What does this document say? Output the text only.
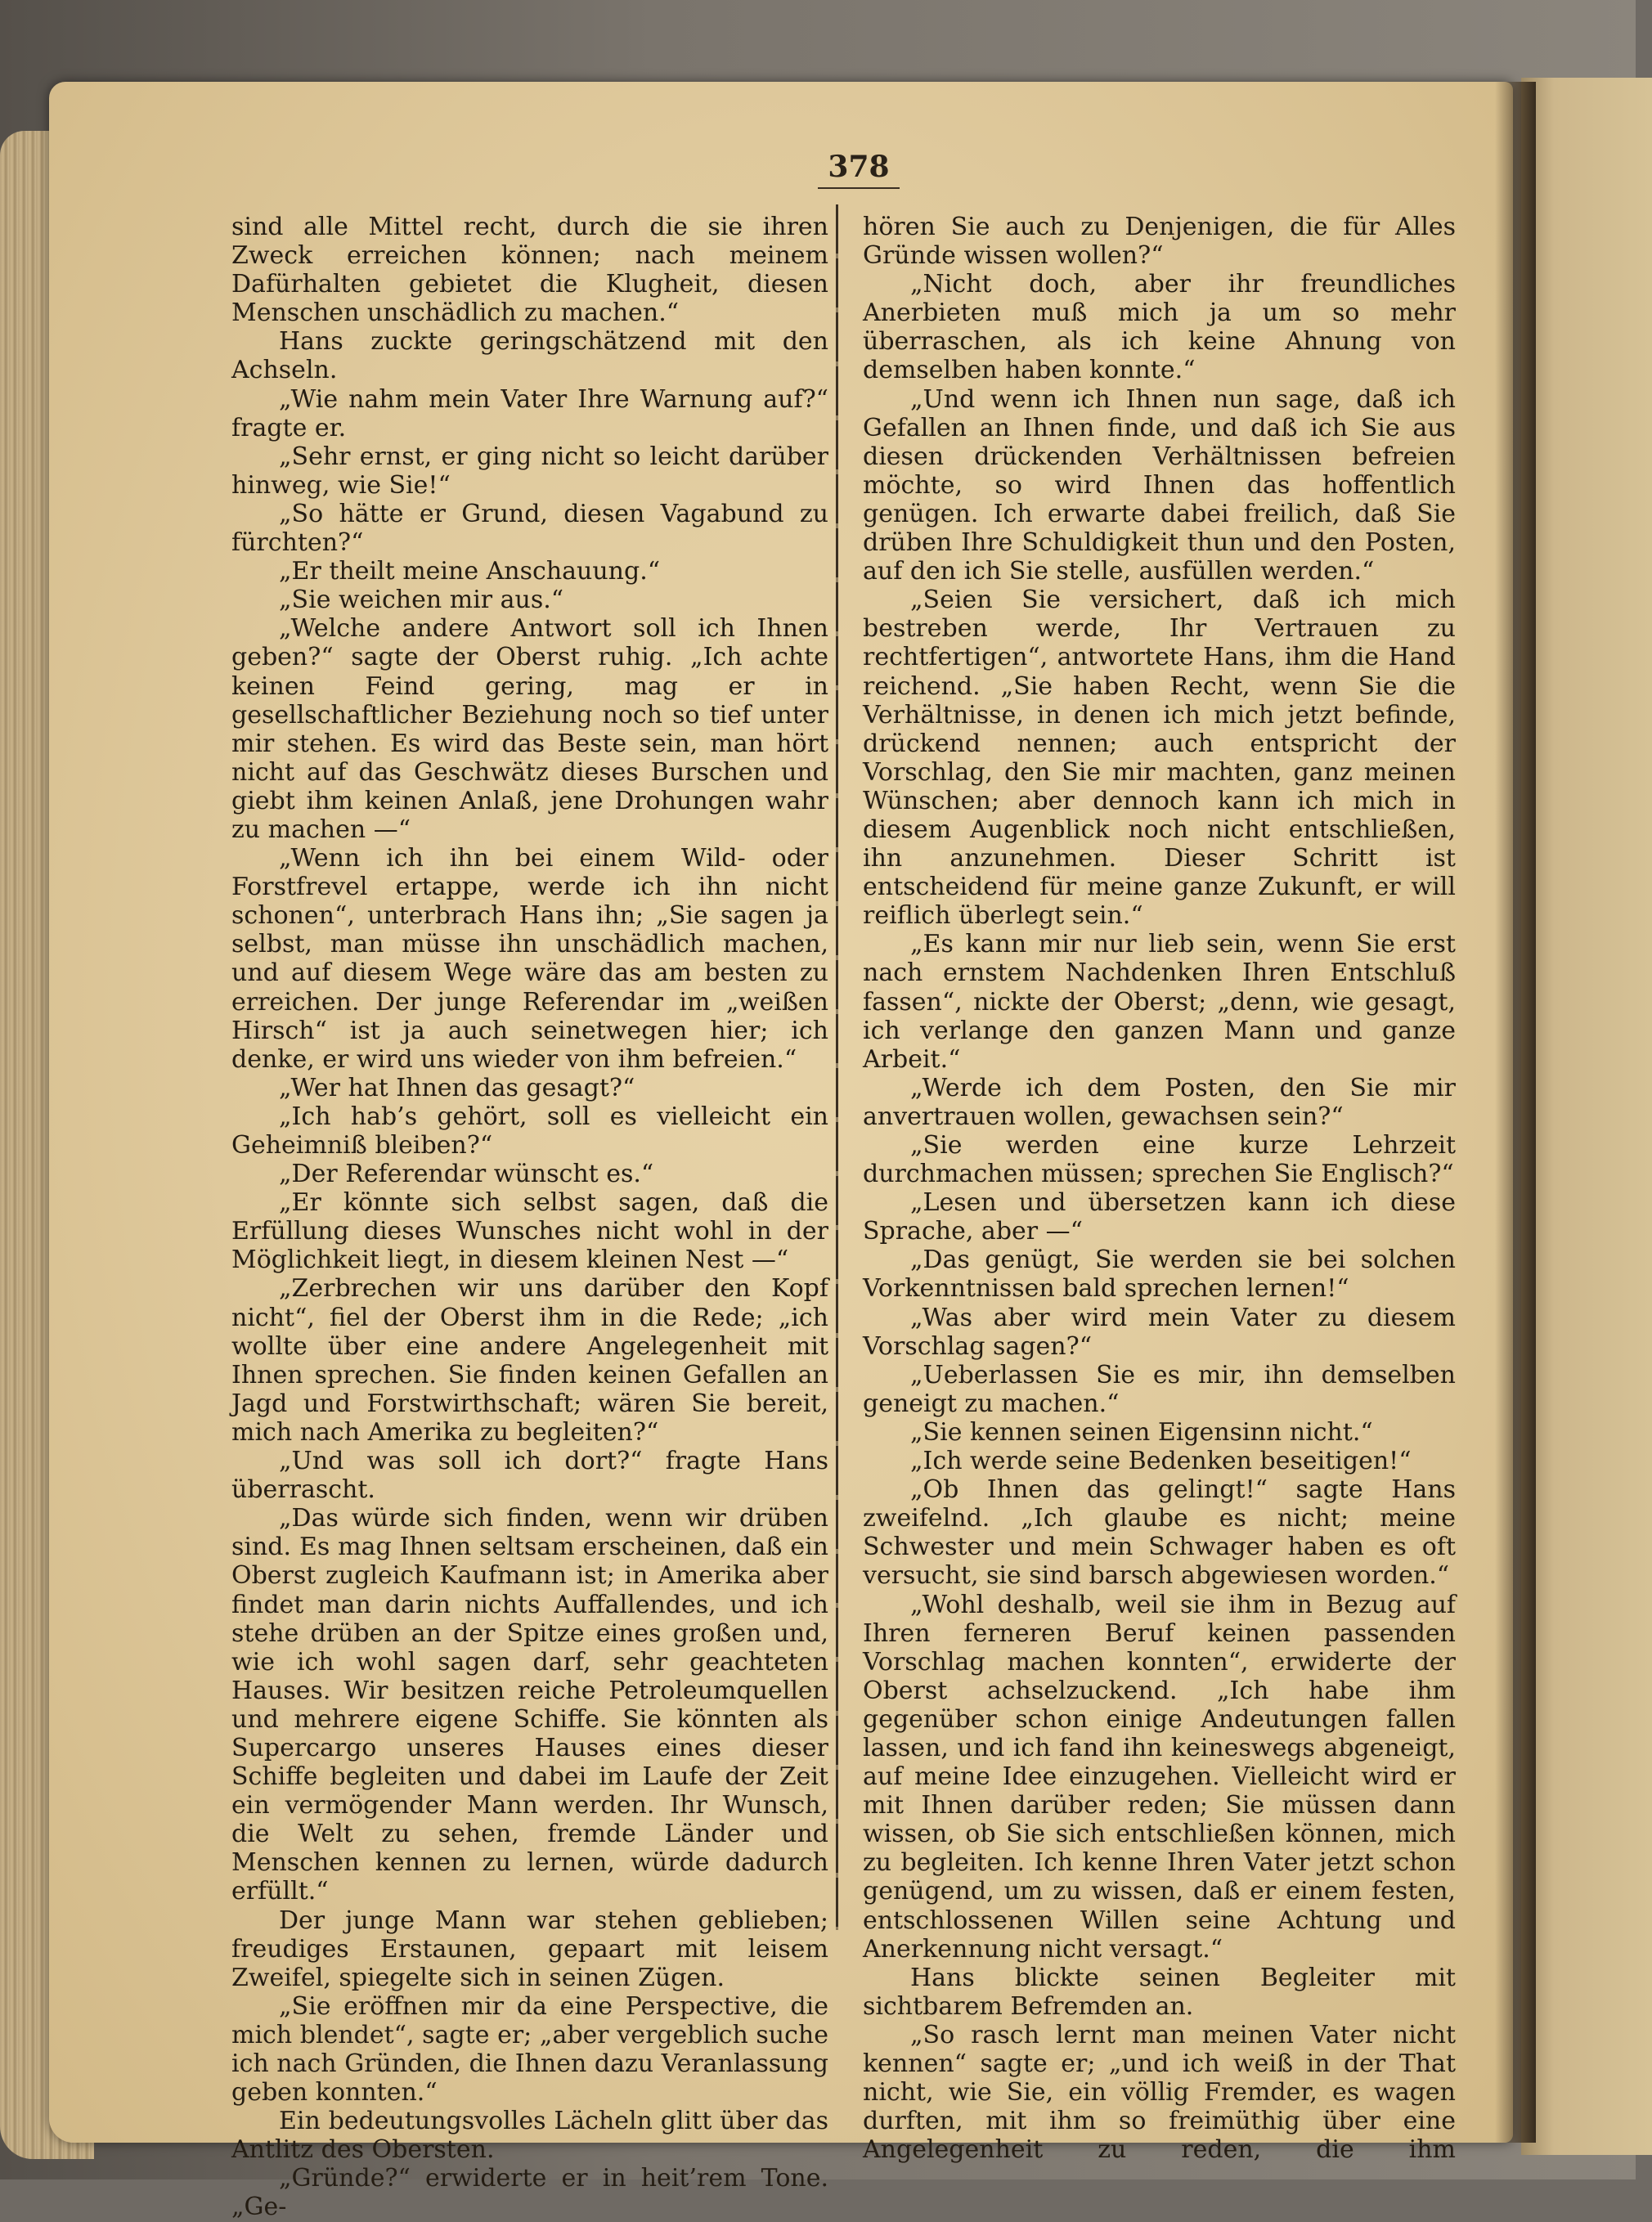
378

sind alle Mittel recht, durch die sie ihren Zweck erreichen können; nach meinem Dafürhalten gebietet die Klugheit, diesen Menschen unschädlich zu machen.“

Hans zuckte geringschätzend mit den Achseln.

„Wie nahm mein Vater Ihre Warnung auf?“ fragte er.

„Sehr ernst, er ging nicht so leicht darüber hinweg, wie Sie!“

„So hätte er Grund, diesen Vagabund zu fürchten?“

„Er theilt meine Anschauung.“

„Sie weichen mir aus.“

„Welche andere Antwort soll ich Ihnen geben?“ sagte der Oberst ruhig. „Ich achte keinen Feind gering, mag er in gesellschaftlicher Beziehung noch so tief unter mir stehen. Es wird das Beste sein, man hört nicht auf das Geschwätz dieses Burschen und giebt ihm keinen Anlaß, jene Drohungen wahr zu machen —“

„Wenn ich ihn bei einem Wild- oder Forstfrevel ertappe, werde ich ihn nicht schonen“, unterbrach Hans ihn; „Sie sagen ja selbst, man müsse ihn unschädlich machen, und auf diesem Wege wäre das am besten zu erreichen. Der junge Referendar im „weißen Hirsch“ ist ja auch seinetwegen hier; ich denke, er wird uns wieder von ihm befreien.“

„Wer hat Ihnen das gesagt?“

„Ich hab’s gehört, soll es vielleicht ein Geheimniß bleiben?“

„Der Referendar wünscht es.“

„Er könnte sich selbst sagen, daß die Erfüllung dieses Wunsches nicht wohl in der Möglichkeit liegt, in diesem kleinen Nest —“

„Zerbrechen wir uns darüber den Kopf nicht“, fiel der Oberst ihm in die Rede; „ich wollte über eine andere Angelegenheit mit Ihnen sprechen. Sie finden keinen Gefallen an Jagd und Forstwirthschaft; wären Sie bereit, mich nach Amerika zu begleiten?“

„Und was soll ich dort?“ fragte Hans überrascht.

„Das würde sich finden, wenn wir drüben sind. Es mag Ihnen seltsam erscheinen, daß ein Oberst zugleich Kaufmann ist; in Amerika aber findet man darin nichts Auffallendes, und ich stehe drüben an der Spitze eines großen und, wie ich wohl sagen darf, sehr geachteten Hauses. Wir besitzen reiche Petroleumquellen und mehrere eigene Schiffe. Sie könnten als Supercargo unseres Hauses eines dieser Schiffe begleiten und dabei im Laufe der Zeit ein vermögender Mann werden. Ihr Wunsch, die Welt zu sehen, fremde Länder und Menschen kennen zu lernen, würde dadurch erfüllt.“

Der junge Mann war stehen geblieben; freudiges Erstaunen, gepaart mit leisem Zweifel, spiegelte sich in seinen Zügen.

„Sie eröffnen mir da eine Perspective, die mich blendet“, sagte er; „aber vergeblich suche ich nach Gründen, die Ihnen dazu Veranlassung geben konnten.“

Ein bedeutungsvolles Lächeln glitt über das Antlitz des Obersten.

„Gründe?“ erwiderte er in heit’rem Tone. „Ge-

hören Sie auch zu Denjenigen, die für Alles Gründe wissen wollen?“

„Nicht doch, aber ihr freundliches Anerbieten muß mich ja um so mehr überraschen, als ich keine Ahnung von demselben haben konnte.“

„Und wenn ich Ihnen nun sage, daß ich Gefallen an Ihnen finde, und daß ich Sie aus diesen drückenden Verhältnissen befreien möchte, so wird Ihnen das hoffentlich genügen. Ich erwarte dabei freilich, daß Sie drüben Ihre Schuldigkeit thun und den Posten, auf den ich Sie stelle, ausfüllen werden.“

„Seien Sie versichert, daß ich mich bestreben werde, Ihr Vertrauen zu rechtfertigen“, antwortete Hans, ihm die Hand reichend. „Sie haben Recht, wenn Sie die Verhältnisse, in denen ich mich jetzt befinde, drückend nennen; auch entspricht der Vorschlag, den Sie mir machten, ganz meinen Wünschen; aber dennoch kann ich mich in diesem Augenblick noch nicht entschließen, ihn anzunehmen. Dieser Schritt ist entscheidend für meine ganze Zukunft, er will reiflich überlegt sein.“

„Es kann mir nur lieb sein, wenn Sie erst nach ernstem Nachdenken Ihren Entschluß fassen“, nickte der Oberst; „denn, wie gesagt, ich verlange den ganzen Mann und ganze Arbeit.“

„Werde ich dem Posten, den Sie mir anvertrauen wollen, gewachsen sein?“

„Sie werden eine kurze Lehrzeit durchmachen müssen; sprechen Sie Englisch?“

„Lesen und übersetzen kann ich diese Sprache, aber —“

„Das genügt, Sie werden sie bei solchen Vorkenntnissen bald sprechen lernen!“

„Was aber wird mein Vater zu diesem Vorschlag sagen?“

„Ueberlassen Sie es mir, ihn demselben geneigt zu machen.“

„Sie kennen seinen Eigensinn nicht.“

„Ich werde seine Bedenken beseitigen!“

„Ob Ihnen das gelingt!“ sagte Hans zweifelnd. „Ich glaube es nicht; meine Schwester und mein Schwager haben es oft versucht, sie sind barsch abgewiesen worden.“

„Wohl deshalb, weil sie ihm in Bezug auf Ihren ferneren Beruf keinen passenden Vorschlag machen konnten“, erwiderte der Oberst achselzuckend. „Ich habe ihm gegenüber schon einige Andeutungen fallen lassen, und ich fand ihn keineswegs abgeneigt, auf meine Idee einzugehen. Vielleicht wird er mit Ihnen darüber reden; Sie müssen dann wissen, ob Sie sich entschließen können, mich zu begleiten. Ich kenne Ihren Vater jetzt schon genügend, um zu wissen, daß er einem festen, entschlossenen Willen seine Achtung und Anerkennung nicht versagt.“

Hans blickte seinen Begleiter mit sichtbarem Befremden an.

„So rasch lernt man meinen Vater nicht kennen“ sagte er; „und ich weiß in der That nicht, wie Sie, ein völlig Fremder, es wagen durften, mit ihm so freimüthig über eine Angelegenheit zu reden, die ihm
